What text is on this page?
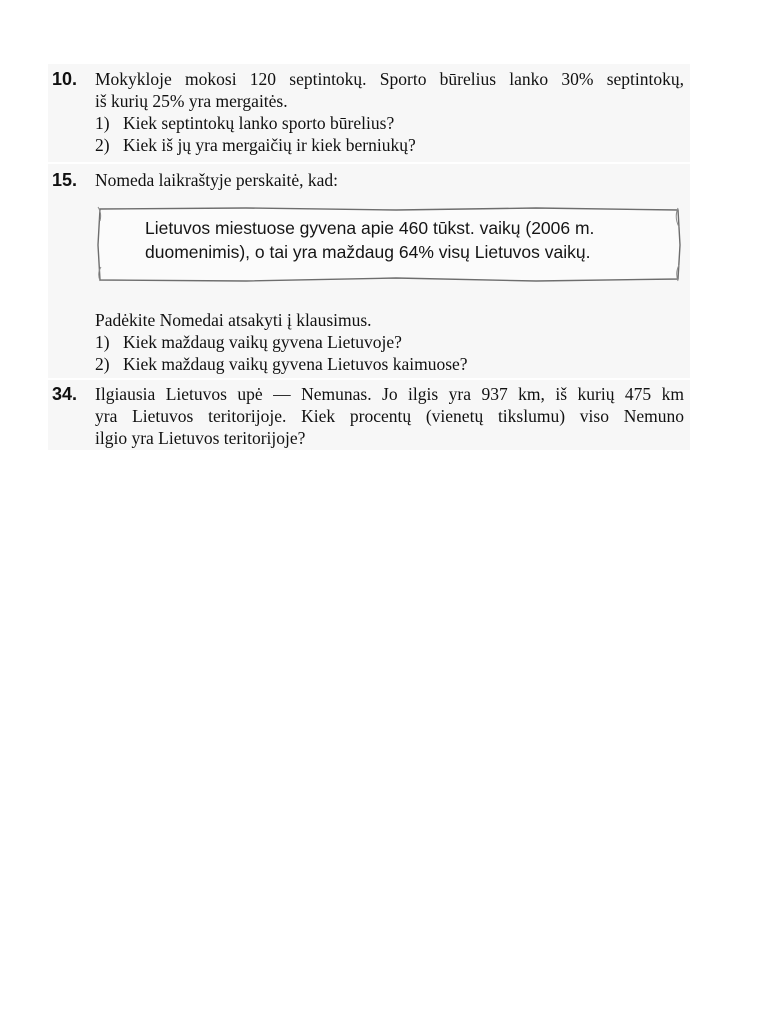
10. Mokykloje mokosi 120 septintokų. Sporto būrelius lanko 30% septintokų,
iš kurių 25% yra mergaitės.
1) Kiek septintokų lanko sporto būrelius?
2) Kiek iš jų yra mergaičių ir kiek berniukų?
15. Nomeda laikraštyje perskaitė, kad:
Lietuvos miestuose gyvena apie 460 tūkst. vaikų (2006 m.
duomenimis), o tai yra maždaug 64% visų Lietuvos vaikų.
Padėkite Nomedai atsakyti į klausimus.
1) Kiek maždaug vaikų gyvena Lietuvoje?
2) Kiek maždaug vaikų gyvena Lietuvos kaimuose?
34. Ilgiausia Lietuvos upė — Nemunas. Jo ilgis yra 937 km, iš kurių 475 km
yra Lietuvos teritorijoje. Kiek procentų (vienetų tikslumu) viso Nemuno
ilgio yra Lietuvos teritorijoje?
